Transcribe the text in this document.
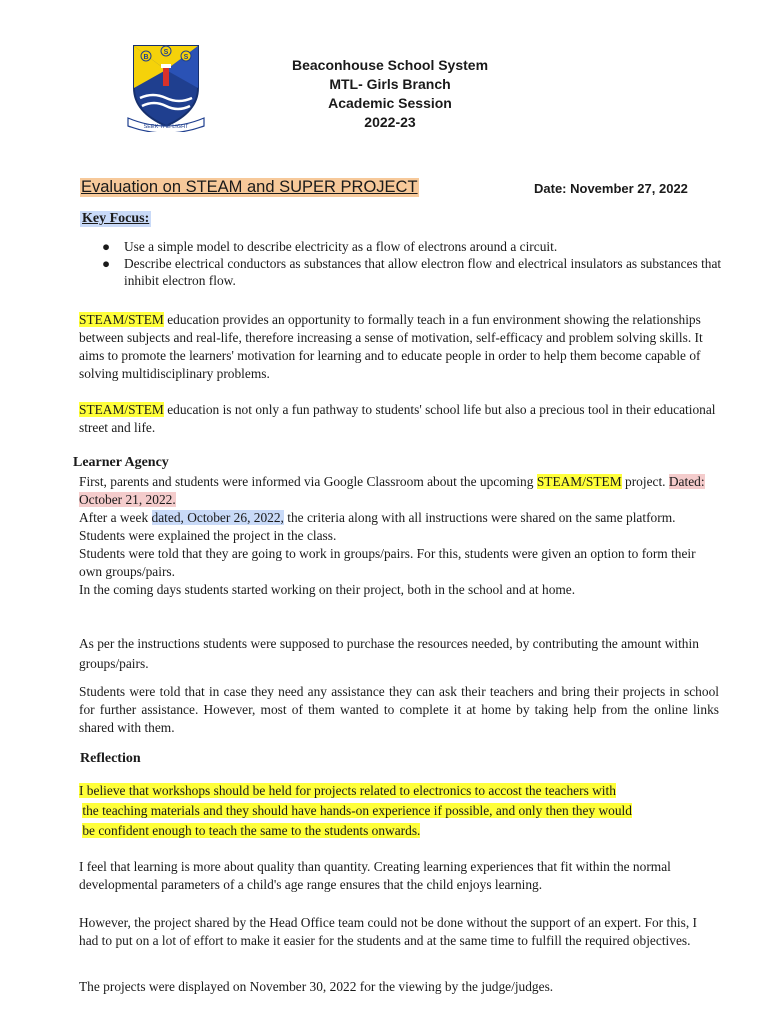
B
S
S
SEEK THE LIGHT
Beaconhouse School System
MTL- Girls Branch
Academic Session
2022-23
Evaluation on STEAM and SUPER PROJECT	Date: November 27, 2022
Key Focus:
● Use a simple model to describe electricity as a flow of electrons around a circuit.
● Describe electrical conductors as substances that allow electron flow and electrical insulators as substances that inhibit electron flow.
STEAM/STEM education provides an opportunity to formally teach in a fun environment showing the relationships between subjects and real-life, therefore increasing a sense of motivation, self-efficacy and problem solving skills. It aims to promote the learners' motivation for learning and to educate people in order to help them become capable of solving multidisciplinary problems.
STEAM/STEM education is not only a fun pathway to students' school life but also a precious tool in their educational street and life.
Learner Agency
First, parents and students were informed via Google Classroom about the upcoming STEAM/STEM project. Dated: October 21, 2022.
After a week dated, October 26, 2022, the criteria along with all instructions were shared on the same platform.
Students were explained the project in the class.
Students were told that they are going to work in groups/pairs. For this, students were given an option to form their own groups/pairs.
In the coming days students started working on their project, both in the school and at home.
As per the instructions students were supposed to purchase the resources needed, by contributing the amount within groups/pairs.
Students were told that in case they need any assistance they can ask their teachers and bring their projects in school for further assistance. However, most of them wanted to complete it at home by taking help from the online links shared with them.
Reflection
I believe that workshops should be held for projects related to electronics to accost the teachers with
the teaching materials and they should have hands-on experience if possible, and only then they would
be confident enough to teach the same to the students onwards.
I feel that learning is more about quality than quantity. Creating learning experiences that fit within the normal developmental parameters of a child's age range ensures that the child enjoys learning.
However, the project shared by the Head Office team could not be done without the support of an expert. For this, I had to put on a lot of effort to make it easier for the students and at the same time to fulfill the required objectives.
The projects were displayed on November 30, 2022 for the viewing by the judge/judges.
